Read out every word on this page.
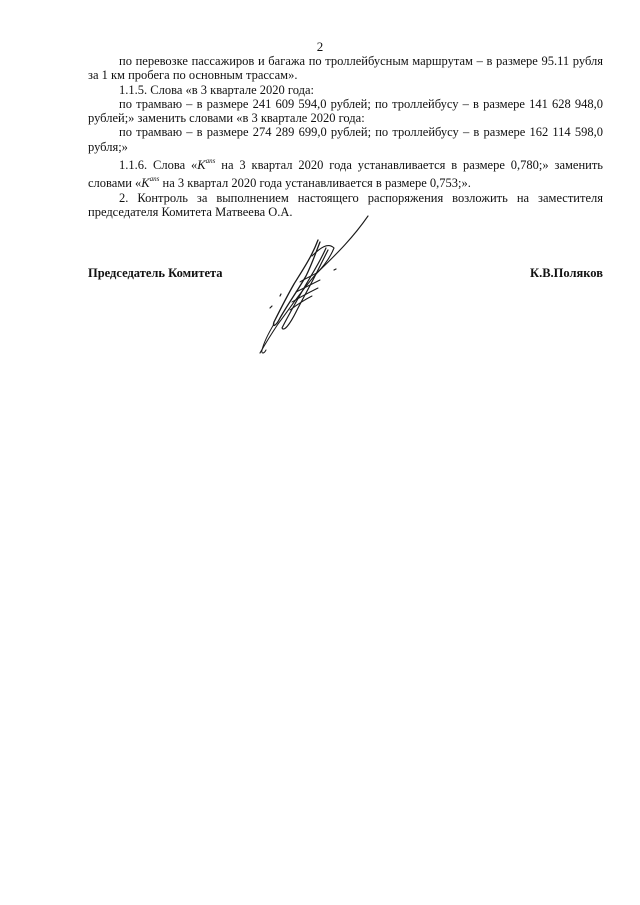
2

по перевозке пассажиров и багажа по троллейбусным маршрутам – в размере 95.11 рубля за 1 км пробега по основным трассам».

1.1.5. Слова «в 3 квартале 2020 года:

по трамваю – в размере 241 609 594,0 рублей; по троллейбусу – в размере 141 628 948,0 рублей;» заменить словами «в 3 квартале 2020 года:

по трамваю – в размере 274 289 699,0 рублей; по троллейбусу – в размере 162 114 598,0 рубля;»

1.1.6. Слова «$K^{ans}$ на 3 квартал 2020 года устанавливается в размере 0,780;» заменить словами «$K^{ans}$ на 3 квартал 2020 года устанавливается в размере 0,753;».

2. Контроль за выполнением настоящего распоряжения возложить на заместителя председателя Комитета Матвеева О.А.

Председатель Комитета	К.В.Поляков
